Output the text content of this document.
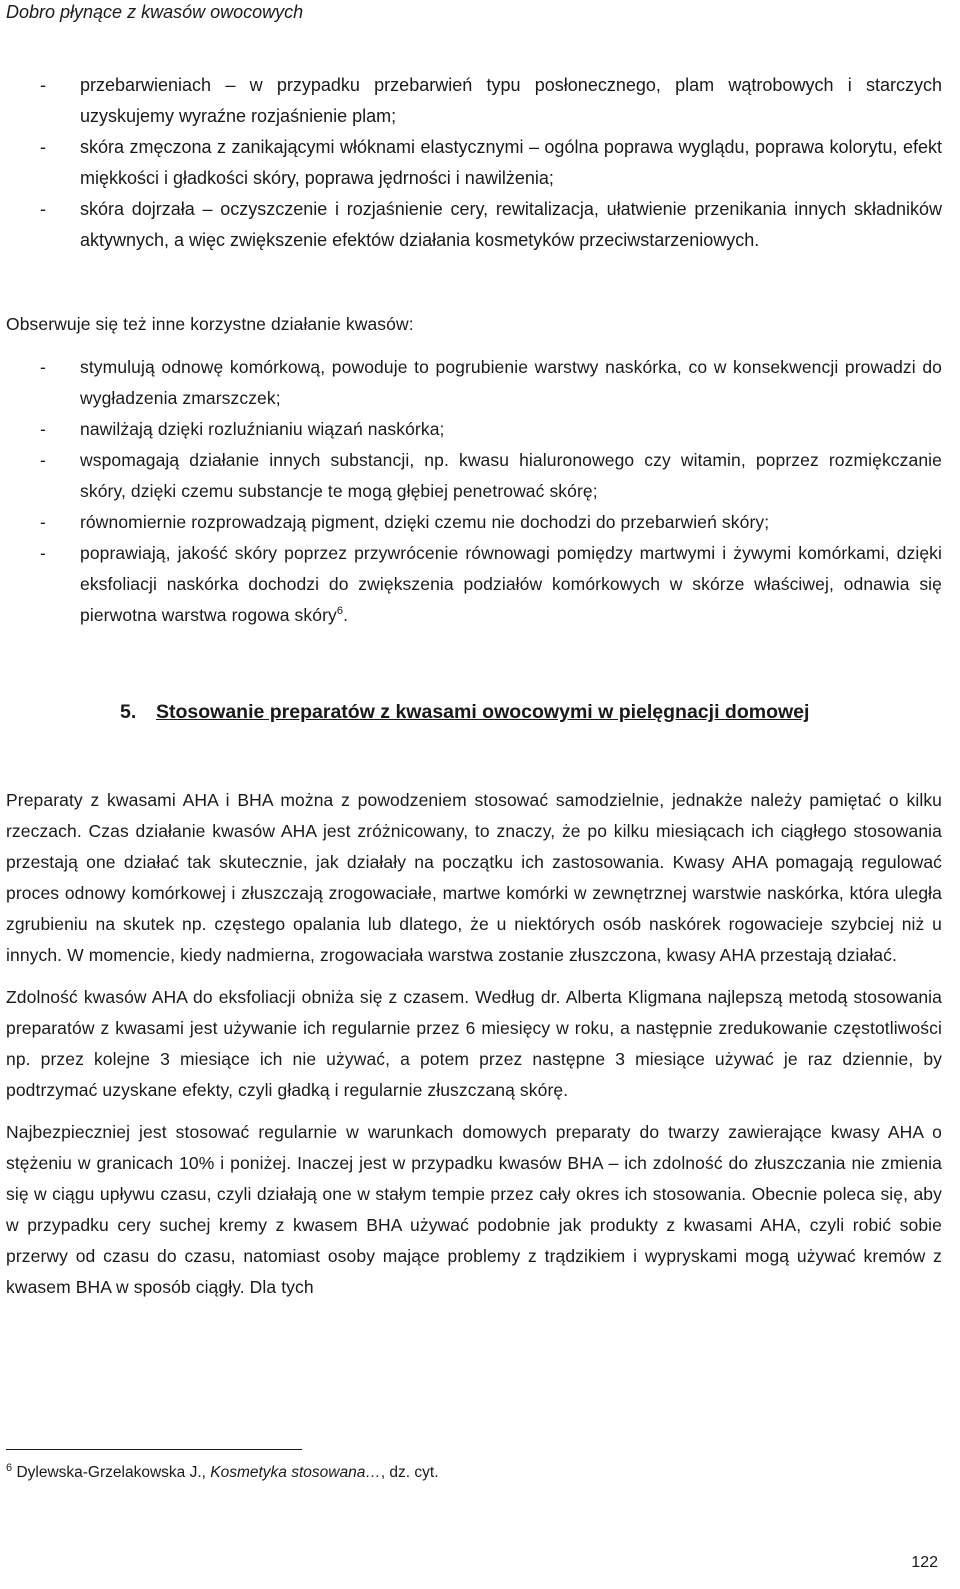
Dobro płynące z kwasów owocowych
- przebarwieniach – w przypadku przebarwień typu posłonecznego, plam wątrobowych i starczych uzyskujemy wyraźne rozjaśnienie plam;
- skóra zmęczona z zanikającymi włóknami elastycznymi – ogólna poprawa wyglądu, poprawa kolorytu, efekt miękkości i gładkości skóry, poprawa jędrności i nawilżenia;
- skóra dojrzała – oczyszczenie i rozjaśnienie cery, rewitalizacja, ułatwienie przenikania innych składników aktywnych, a więc zwiększenie efektów działania kosmetyków przeciwstarzeniowych.
Obserwuje się też inne korzystne działanie kwasów:
- stymulują odnowę komórkową, powoduje to pogrubienie warstwy naskórka, co w konsekwencji prowadzi do wygładzenia zmarszczek;
- nawilżają dzięki rozluźnianiu wiązań naskórka;
- wspomagają działanie innych substancji, np. kwasu hialuronowego czy witamin, poprzez rozmiękczanie skóry, dzięki czemu substancje te mogą głębiej penetrować skórę;
- równomiernie rozprowadzają pigment, dzięki czemu nie dochodzi do przebarwień skóry;
- poprawiają, jakość skóry poprzez przywrócenie równowagi pomiędzy martwymi i żywymi komórkami, dzięki eksfoliacji naskórka dochodzi do zwiększenia podziałów komórkowych w skórze właściwej, odnawia się pierwotna warstwa rogowa skóry$^6$.
5. Stosowanie preparatów z kwasami owocowymi w pielęgnacji domowej
Preparaty z kwasami AHA i BHA można z powodzeniem stosować samodzielnie, jednakże należy pamiętać o kilku rzeczach. Czas działanie kwasów AHA jest zróżnicowany, to znaczy, że po kilku miesiącach ich ciągłego stosowania przestają one działać tak skutecznie, jak działały na początku ich zastosowania. Kwasy AHA pomagają regulować proces odnowy komórkowej i złuszczają zrogowaciałe, martwe komórki w zewnętrznej warstwie naskórka, która uległa zgrubieniu na skutek np. częstego opalania lub dlatego, że u niektórych osób naskórek rogowacieje szybciej niż u innych. W momencie, kiedy nadmierna, zrogowaciała warstwa zostanie złuszczona, kwasy AHA przestają działać.
Zdolność kwasów AHA do eksfoliacji obniża się z czasem. Według dr. Alberta Kligmana najlepszą metodą stosowania preparatów z kwasami jest używanie ich regularnie przez 6 miesięcy w roku, a następnie zredukowanie częstotliwości np. przez kolejne 3 miesiące ich nie używać, a potem przez następne 3 miesiące używać je raz dziennie, by podtrzymać uzyskane efekty, czyli gładką i regularnie złuszczaną skórę.
Najbezpieczniej jest stosować regularnie w warunkach domowych preparaty do twarzy zawierające kwasy AHA o stężeniu w granicach 10% i poniżej. Inaczej jest w przypadku kwasów BHA – ich zdolność do złuszczania nie zmienia się w ciągu upływu czasu, czyli działają one w stałym tempie przez cały okres ich stosowania. Obecnie poleca się, aby w przypadku cery suchej kremy z kwasem BHA używać podobnie jak produkty z kwasami AHA, czyli robić sobie przerwy od czasu do czasu, natomiast osoby mające problemy z trądzikiem i wypryskami mogą używać kremów z kwasem BHA w sposób ciągły. Dla tych
$^6$ Dylewska-Grzelakowska J., Kosmetyka stosowana…, dz. cyt.
122
